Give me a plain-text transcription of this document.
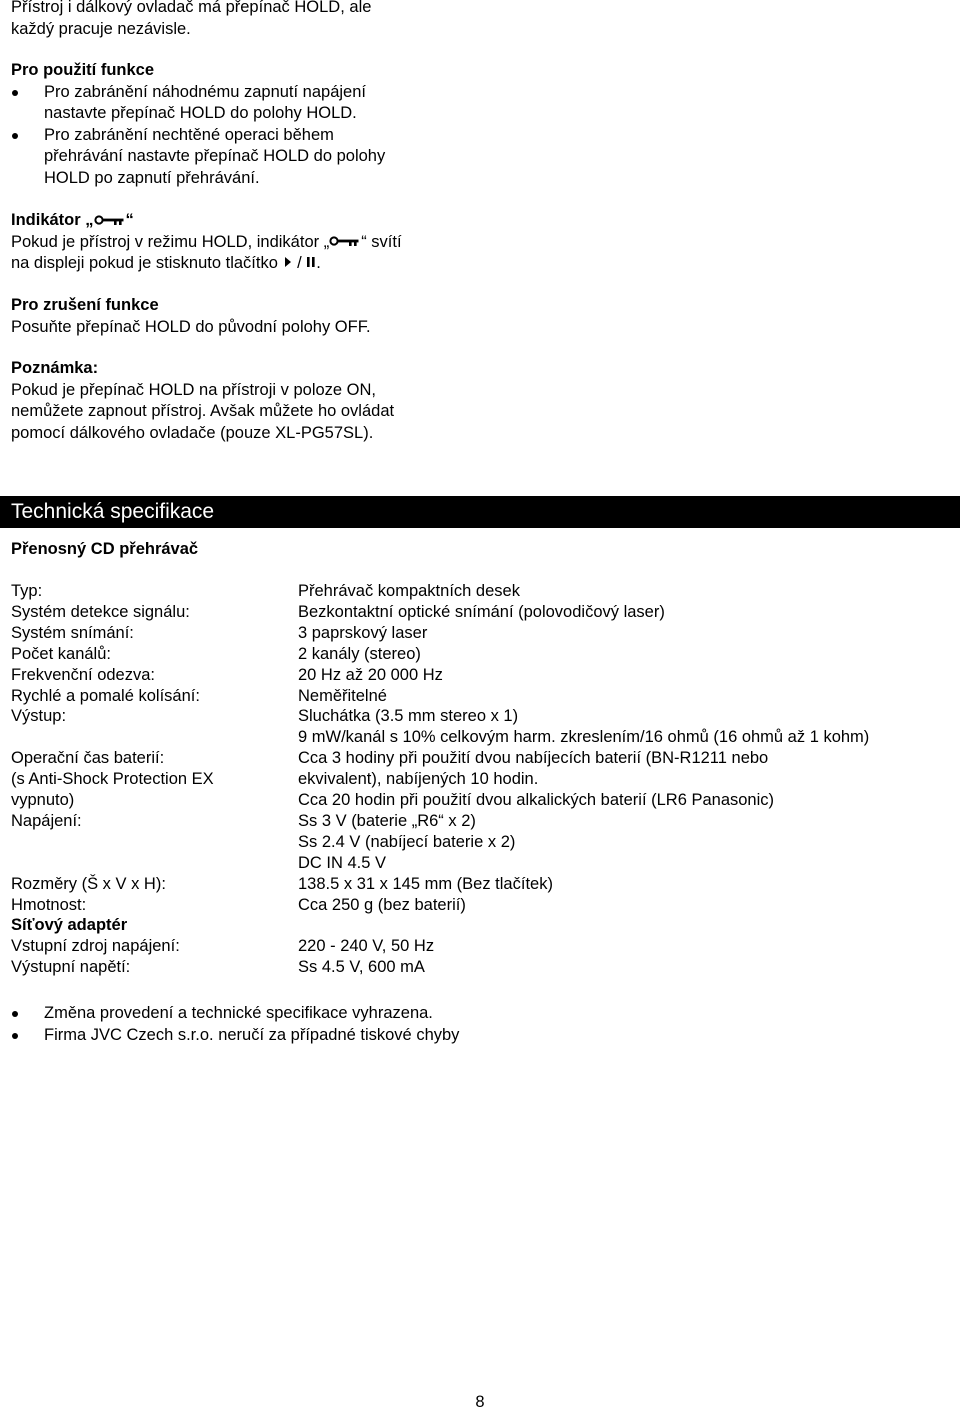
Přístroj i dálkový ovladač má přepínač HOLD, ale
každý pracuje nezávisle.
Pro použití funkce
Pro zabránění náhodnému zapnutí napájení
nastavte přepínač HOLD do polohy HOLD.
Pro zabránění nechtěné operaci během
přehrávání nastavte přepínač HOLD do polohy
HOLD po zapnutí přehrávání.
Indikátor „ “
Pokud je přístroj v režimu HOLD, indikátor „ “ svítí
na displeji pokud je stisknuto tlačítko  / .
Pro zrušení funkce
Posuňte přepínač HOLD do původní polohy OFF.
Poznámka:
Pokud je přepínač HOLD na přístroji v poloze ON,
nemůžete zapnout přístroj. Avšak můžete ho ovládat
pomocí dálkového ovladače (pouze XL-PG57SL).
Technická specifikace
Přenosný CD přehrávač
Typ:	Přehrávač kompaktních desek
Systém detekce signálu:	Bezkontaktní optické snímání (polovodičový laser)
Systém snímání:	3 paprskový laser
Počet kanálů:	2 kanály (stereo)
Frekvenční odezva:	20 Hz až 20 000 Hz
Rychlé a pomalé kolísání:	Neměřitelné
Výstup:	Sluchátka (3.5 mm stereo x 1)
9 mW/kanál s 10% celkovým harm. zkreslením/16 ohmů (16 ohmů až 1 kohm)
Operační čas baterií:	Cca 3 hodiny při použití dvou nabíjecích baterií (BN-R1211 nebo
(s Anti-Shock Protection EX	ekvivalent), nabíjených 10 hodin.
vypnuto)	Cca 20 hodin při použití dvou alkalických baterií (LR6 Panasonic)
Napájení:	Ss 3 V (baterie „R6“ x 2)
Ss 2.4 V (nabíjecí baterie x 2)
DC IN 4.5 V
Rozměry (Š x V x H):	138.5 x 31 x 145 mm (Bez tlačítek)
Hmotnost:	Cca 250 g (bez baterií)
Síťový adaptér
Vstupní zdroj napájení:	220 - 240 V, 50 Hz
Výstupní napětí:	Ss 4.5 V, 600 mA
Změna provedení a technické specifikace vyhrazena.
Firma JVC Czech s.r.o. neručí za případné tiskové chyby
8
